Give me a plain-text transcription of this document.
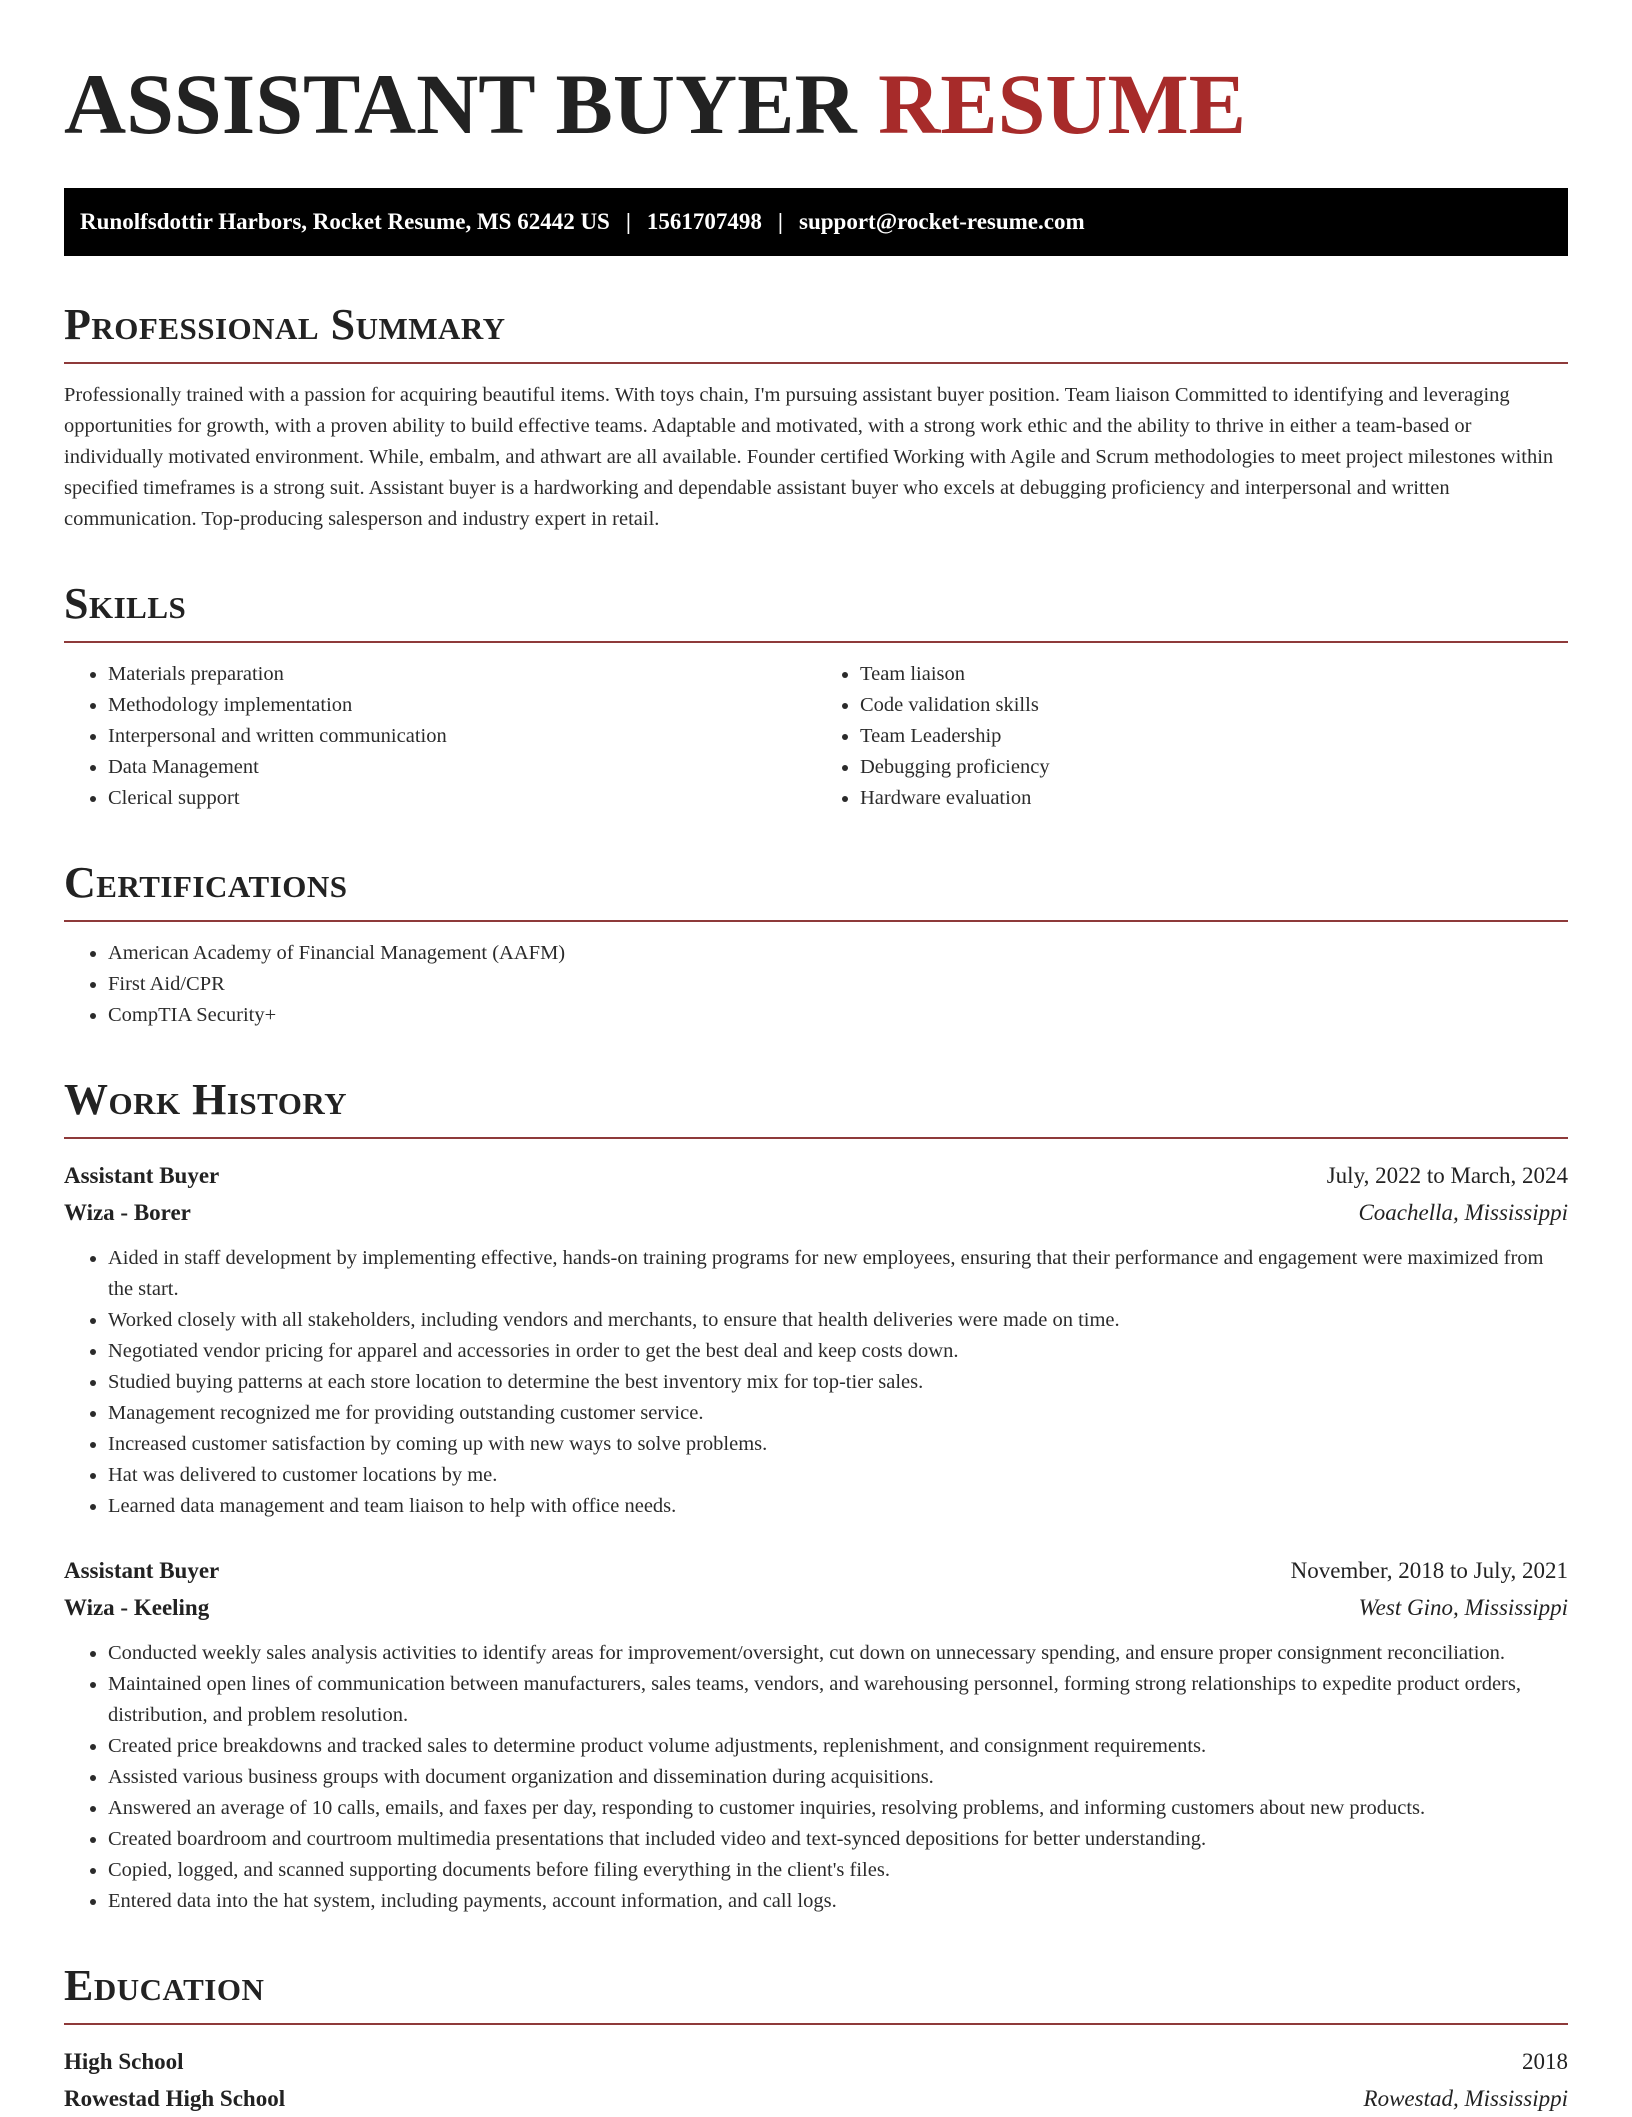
ASSISTANT BUYER RESUME
Runolfsdottir Harbors, Rocket Resume, MS 62442 US | 1561707498 | support@rocket-resume.com
Professional Summary

Professionally trained with a passion for acquiring beautiful items. With toys chain, I'm pursuing assistant buyer position. Team liaison Committed to identifying and leveraging opportunities for growth, with a proven ability to build effective teams. Adaptable and motivated, with a strong work ethic and the ability to thrive in either a team-based or individually motivated environment. While, embalm, and athwart are all available. Founder certified Working with Agile and Scrum methodologies to meet project milestones within specified timeframes is a strong suit. Assistant buyer is a hardworking and dependable assistant buyer who excels at debugging proficiency and interpersonal and written communication. Top-producing salesperson and industry expert in retail.

Skills
• Materials preparation
• Methodology implementation
• Interpersonal and written communication
• Data Management
• Clerical support
• Team liaison
• Code validation skills
• Team Leadership
• Debugging proficiency
• Hardware evaluation
Certifications
• American Academy of Financial Management (AAFM)
• First Aid/CPR
• CompTIA Security+
Work History
Assistant Buyer	July, 2022 to March, 2024
Wiza - Borer	Coachella, Mississippi
• Aided in staff development by implementing effective, hands-on training programs for new employees, ensuring that their performance and engagement were maximized from the start.
• Worked closely with all stakeholders, including vendors and merchants, to ensure that health deliveries were made on time.
• Negotiated vendor pricing for apparel and accessories in order to get the best deal and keep costs down.
• Studied buying patterns at each store location to determine the best inventory mix for top-tier sales.
• Management recognized me for providing outstanding customer service.
• Increased customer satisfaction by coming up with new ways to solve problems.
• Hat was delivered to customer locations by me.
• Learned data management and team liaison to help with office needs.
Assistant Buyer	November, 2018 to July, 2021
Wiza - Keeling	West Gino, Mississippi
• Conducted weekly sales analysis activities to identify areas for improvement/oversight, cut down on unnecessary spending, and ensure proper consignment reconciliation.
• Maintained open lines of communication between manufacturers, sales teams, vendors, and warehousing personnel, forming strong relationships to expedite product orders, distribution, and problem resolution.
• Created price breakdowns and tracked sales to determine product volume adjustments, replenishment, and consignment requirements.
• Assisted various business groups with document organization and dissemination during acquisitions.
• Answered an average of 10 calls, emails, and faxes per day, responding to customer inquiries, resolving problems, and informing customers about new products.
• Created boardroom and courtroom multimedia presentations that included video and text-synced depositions for better understanding.
• Copied, logged, and scanned supporting documents before filing everything in the client's files.
• Entered data into the hat system, including payments, account information, and call logs.
Education
High School	2018
Rowestad High School	Rowestad, Mississippi
